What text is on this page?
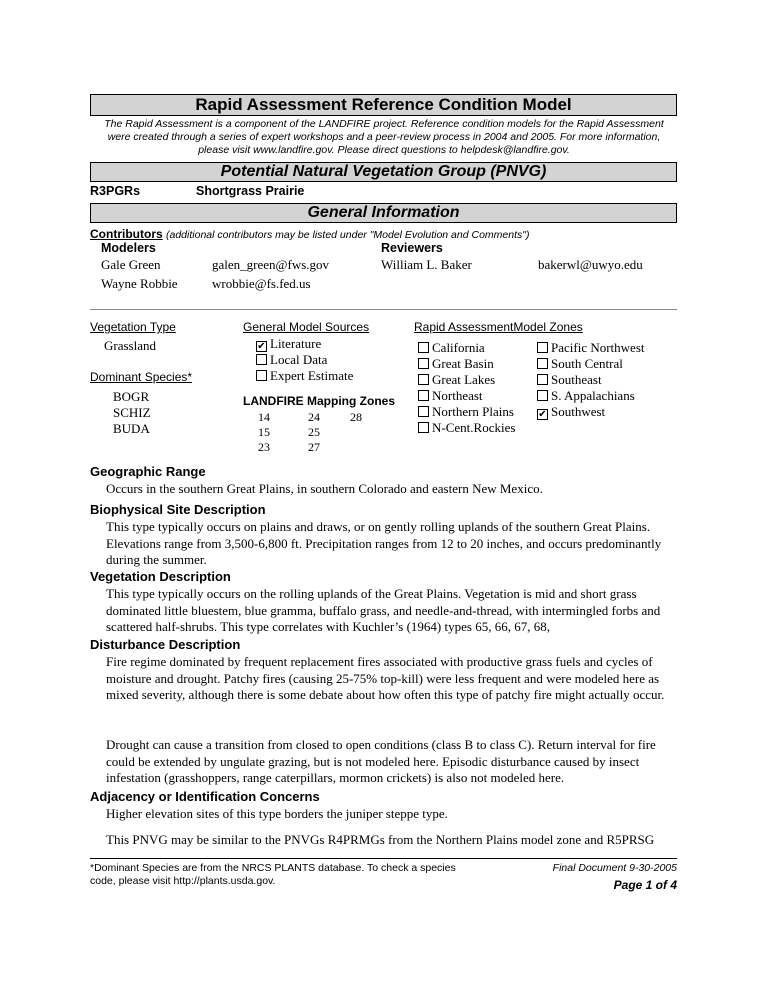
Rapid Assessment Reference Condition Model
The Rapid Assessment is a component of the LANDFIRE project. Reference condition models for the Rapid Assessment were created through a series of expert workshops and a peer-review process in 2004 and 2005. For more information, please visit www.landfire.gov. Please direct questions to helpdesk@landfire.gov.
Potential Natural Vegetation Group (PNVG)
R3PGRs	Shortgrass Prairie
General Information
Contributors (additional contributors may be listed under "Model Evolution and Comments")
Modelers
Gale Green	galen_green@fws.gov
Wayne Robbie	wrobbie@fs.fed.us
Reviewers
William L. Baker	bakerwl@uwyo.edu
Vegetation Type
Grassland
Dominant Species*
BOGR
SCHIZ
BUDA
General Model Sources
✔ Literature
Local Data
Expert Estimate
LANDFIRE Mapping Zones
14	24	28
15	25
23	27
Rapid AssessmentModel Zones
California
Great Basin
Great Lakes
Northeast
Northern Plains
N-Cent.Rockies
Pacific Northwest
South Central
Southeast
S. Appalachians
✔ Southwest
Geographic Range
Occurs in the southern Great Plains, in southern Colorado and eastern New Mexico.
Biophysical Site Description
This type typically occurs on plains and draws, or on gently rolling uplands of the southern Great Plains. Elevations range from 3,500-6,800 ft. Precipitation ranges from 12 to 20 inches, and occurs predominantly during the summer.
Vegetation Description
This type typically occurs on the rolling uplands of the Great Plains. Vegetation is mid and short grass dominated little bluestem, blue gramma, buffalo grass, and needle-and-thread, with intermingled forbs and scattered half-shrubs. This type correlates with Kuchler’s (1964) types 65, 66, 67, 68,
Disturbance Description
Fire regime dominated by frequent replacement fires associated with productive grass fuels and cycles of moisture and drought. Patchy fires (causing 25-75% top-kill) were less frequent and were modeled here as mixed severity, although there is some debate about how often this type of patchy fire might actually occur.
Drought can cause a transition from closed to open conditions (class B to class C). Return interval for fire could be extended by ungulate grazing, but is not modeled here. Episodic disturbance caused by insect infestation (grasshoppers, range caterpillars, mormon crickets) is also not modeled here.
Adjacency or Identification Concerns
Higher elevation sites of this type borders the juniper steppe type.
This PNVG may be similar to the PNVGs R4PRMGs from the Northern Plains model zone and R5PRSG
*Dominant Species are from the NRCS PLANTS database. To check a species code, please visit http://plants.usda.gov.
Final Document 9-30-2005
Page 1 of 4
